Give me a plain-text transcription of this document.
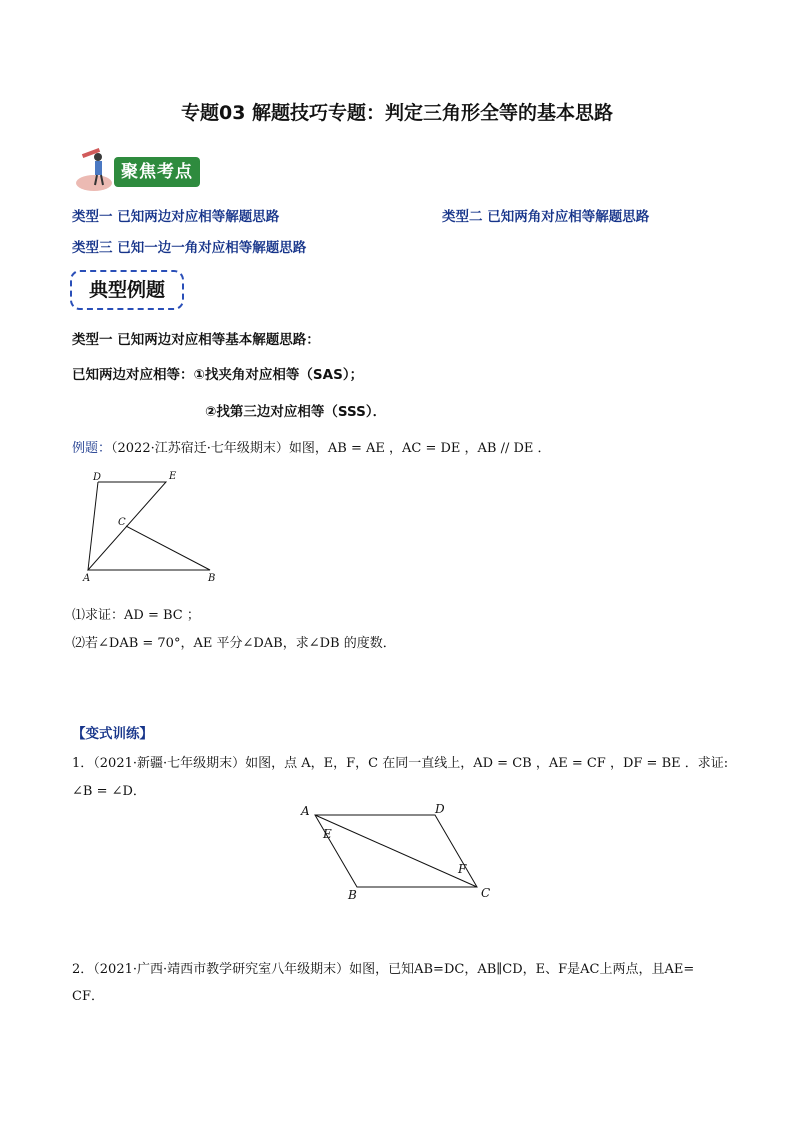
专题03 解题技巧专题：判定三角形全等的基本思路
聚焦考点
类型一 已知两边对应相等解题思路	类型二 已知两角对应相等解题思路
类型三 已知一边一角对应相等解题思路
典型例题
类型一 已知两边对应相等基本解题思路：
已知两边对应相等：①找夹角对应相等（SAS）；
②找第三边对应相等（SSS）．
例题：（2022·江苏宿迁·七年级期末）如图，AB = AE ，AC = DE ，AB // DE ．
D	E
C
A	B
⑴求证：AD = BC ；
⑵若∠DAB = 70°，AE 平分∠DAB，求∠DB 的度数．
【变式训练】
1．（2021·新疆·七年级期末）如图，点 A，E，F，C 在同一直线上，AD = CB ，AE = CF ，DF = BE ．求证:
∠B = ∠D．
A	D
E
F
B	C
2．（2021·广西·靖西市教学研究室八年级期末）如图，已知AB=DC，AB∥CD，E、F是AC上两点，且AE=
CF．
